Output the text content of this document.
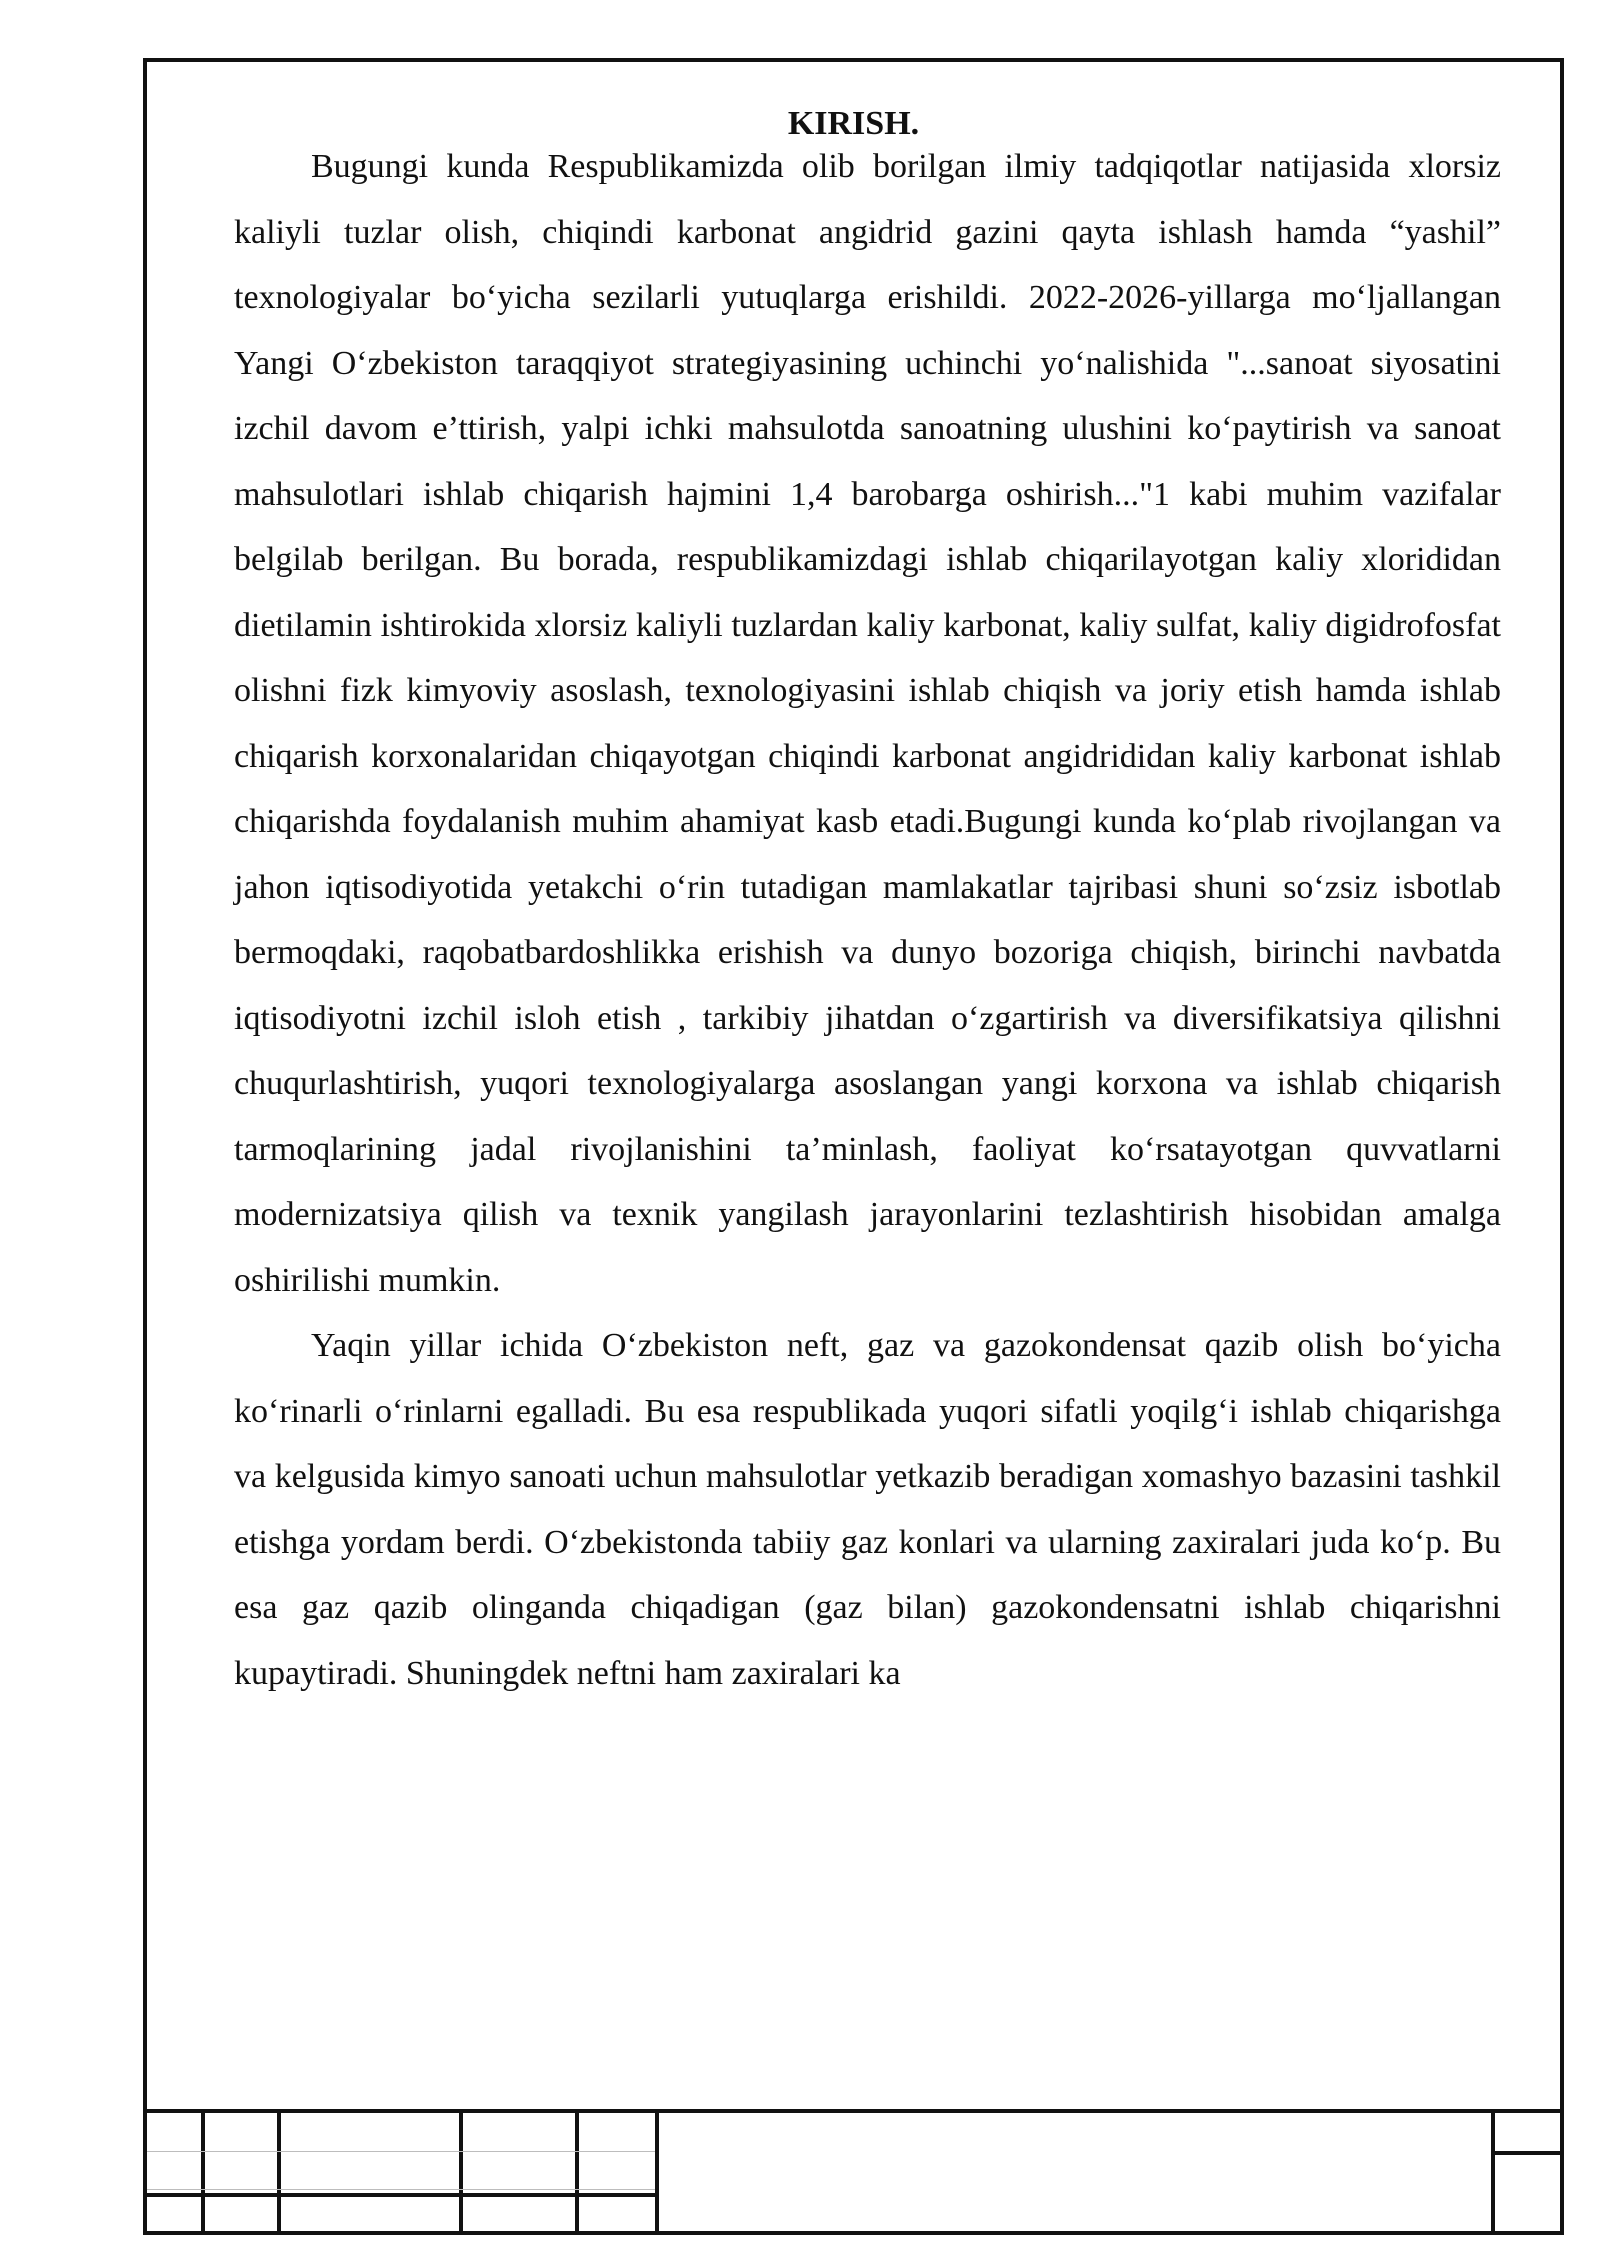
KIRISH.

Bugungi kunda Respublikamizda olib borilgan ilmiy tadqiqotlar natijasida xlorsiz kaliyli tuzlar olish, chiqindi karbonat angidrid gazini qayta ishlash hamda “yashil” texnologiyalar bo‘yicha sezilarli yutuqlarga erishildi. 2022-2026-yillarga mo‘ljallangan Yangi O‘zbekiston taraqqiyot strategiyasining uchinchi yo‘nalishida "...sanoat siyosatini izchil davom e’ttirish, yalpi ichki mahsulotda sanoatning ulushini ko‘paytirish va sanoat mahsulotlari ishlab chiqarish hajmini 1,4 barobarga oshirish..."1 kabi muhim vazifalar belgilab berilgan. Bu borada, respublikamizdagi ishlab chiqarilayotgan kaliy xloridіdan dietilamin ishtirokida xlorsiz kaliyli tuzlardan kaliy karbonat, kaliy sulfat, kaliy digidrofosfat olishni fizk kimyoviy asoslash, texnologiyasini ishlab chiqish va joriy etish hamda ishlab chiqarish korxonalaridan chiqayotgan chiqindi karbonat angidrididan kaliy karbonat ishlab chiqarishda foydalanish muhim ahamiyat kasb etadi.Bugungi kunda ko‘plab rivojlangan va jahon iqtisodiyotida yetakchi o‘rin tutadigan mamlakatlar tajribasi shuni so‘zsiz isbotlab bermoqdaki, raqobatbardoshlikka erishish va dunyo bozoriga chiqish, birinchi navbatda iqtisodiyotni izchil isloh etish , tarkibiy jihatdan o‘zgartirish va diversifikatsiya qilishni chuqurlashtirish, yuqori texnologiyalarga asoslangan yangi korxona va ishlab chiqarish tarmoqlarining jadal rivojlanishini ta’minlash, faoliyat ko‘rsatayotgan quvvatlarni modernizatsiya qilish va texnik yangilash jarayonlarini tezlashtirish hisobidan amalga oshirilishi mumkin.

Yaqin yillar ichida O‘zbekiston neft, gaz va gazokondensat qazib olish bo‘yicha ko‘rinarli o‘rinlarni egalladi. Bu esa respublikada yuqori sifatli yoqilg‘i ishlab chiqarishga va kelgusida kimyo sanoati uchun mahsulotlar yetkazib beradigan xomashyo bazasini tashkil etishga yordam berdi. O‘zbekistonda tabiiy gaz konlari va ularning zaxiralari juda ko‘p. Bu esa gaz qazib olinganda chiqadigan (gaz bilan) gazokondensatni ishlab chiqarishni kupaytiradi. Shuningdek neftni ham zaxiralari ka
